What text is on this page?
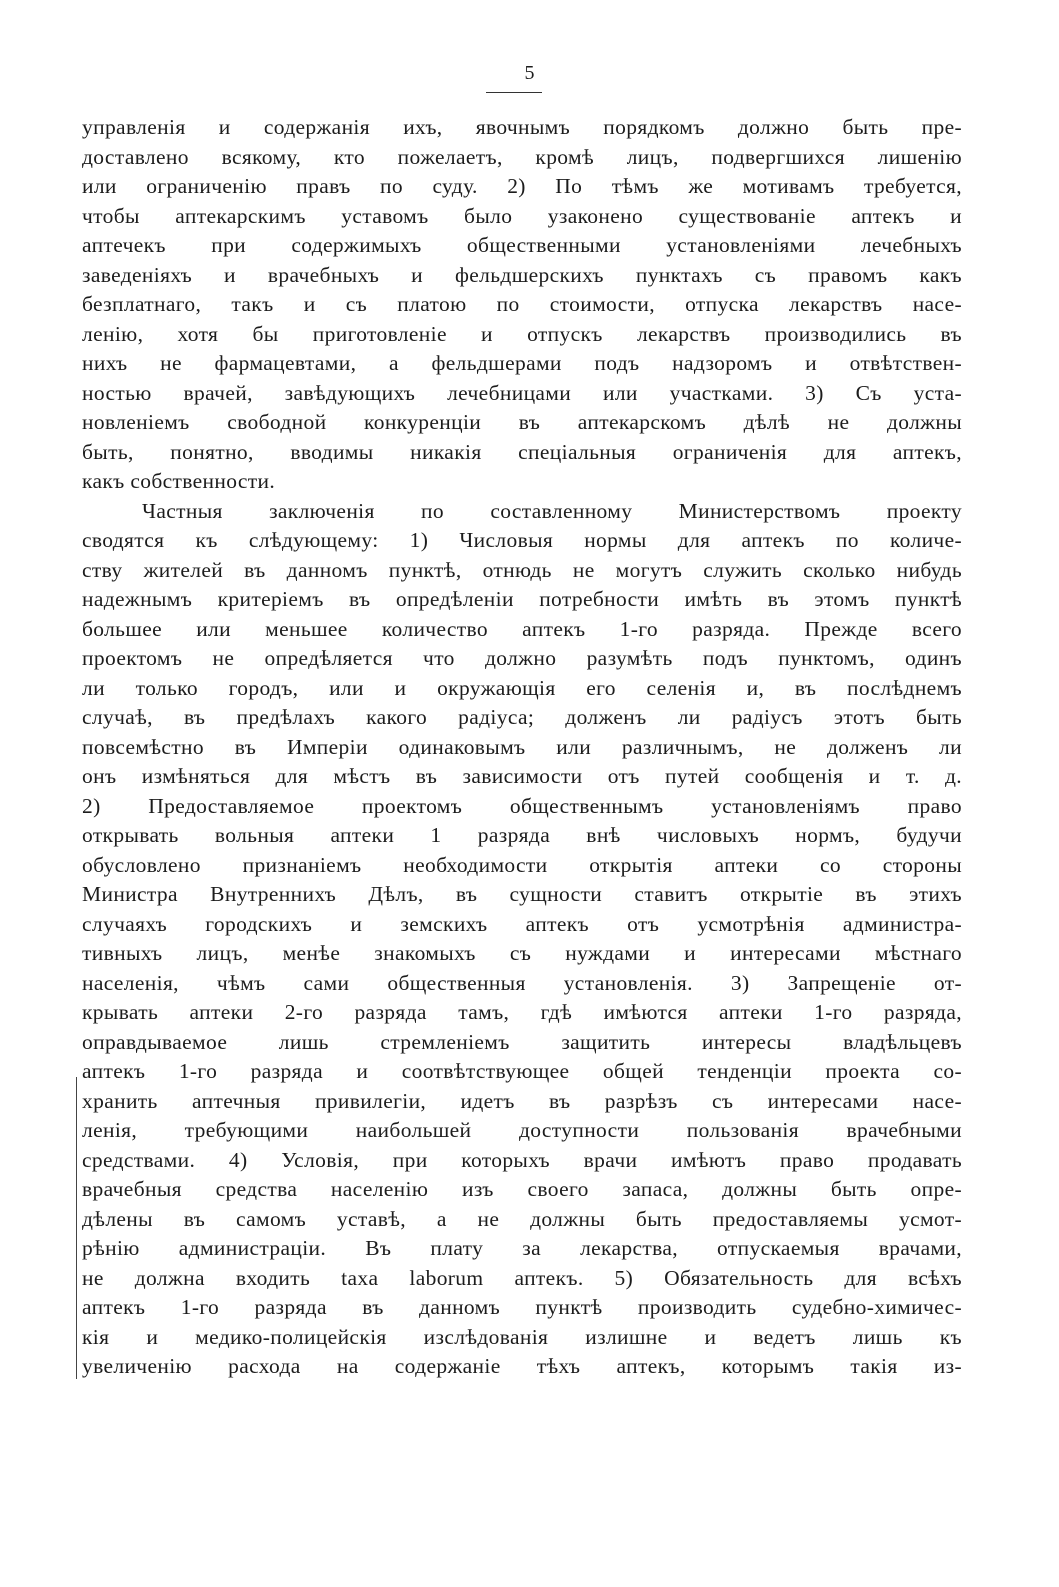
5
управленія и содержанія ихъ, явочнымъ порядкомъ должно быть пре-
доставлено всякому, кто пожелаетъ, кромѣ лицъ, подвергшихся лишенію
или ограниченію правъ по суду. 2) По тѣмъ же мотивамъ требуется,
чтобы аптекарскимъ уставомъ было узаконено существованіе аптекъ и
аптечекъ при содержимыхъ общественными установленіями лечебныхъ
заведеніяхъ и врачебныхъ и фельдшерскихъ пунктахъ съ правомъ какъ
безплатнаго, такъ и съ платою по стоимости, отпуска лекарствъ насе-
ленію, хотя бы приготовленіе и отпускъ лекарствъ производились въ
нихъ не фармацевтами, а фельдшерами подъ надзоромъ и отвѣтствен-
ностью врачей, завѣдующихъ лечебницами или участками. 3) Съ уста-
новленіемъ свободной конкуренціи въ аптекарскомъ дѣлѣ не должны
быть, понятно, вводимы никакія спеціальныя ограниченія для аптекъ,
какъ собственности.
Частныя заключенія по составленному Министерствомъ проекту
сводятся къ слѣдующему: 1) Числовыя нормы для аптекъ по количе-
ству жителей въ данномъ пунктѣ, отнюдь не могутъ служить сколько нибудь
надежнымъ критеріемъ въ опредѣленіи потребности имѣть въ этомъ пунктѣ
большее или меньшее количество аптекъ 1-го разряда. Прежде всего
проектомъ не опредѣляется что должно разумѣть подъ пунктомъ, одинъ
ли только городъ, или и окружающія его селенія и, въ послѣднемъ
случаѣ, въ предѣлахъ какого радіуса; долженъ ли радіусъ этотъ быть
повсемѣстно въ Имперіи одинаковымъ или различнымъ, не долженъ ли
онъ измѣняться для мѣстъ въ зависимости отъ путей сообщенія и т. д.
2) Предоставляемое проектомъ общественнымъ установленіямъ право
открывать вольныя аптеки 1 разряда внѣ числовыхъ нормъ, будучи
обусловлено признаніемъ необходимости открытія аптеки со стороны
Министра Внутреннихъ Дѣлъ, въ сущности ставитъ открытіе въ этихъ
случаяхъ городскихъ и земскихъ аптекъ отъ усмотрѣнія администра-
тивныхъ лицъ, менѣе знакомыхъ съ нуждами и интересами мѣстнаго
населенія, чѣмъ сами общественныя установленія. 3) Запрещеніе от-
крывать аптеки 2-го разряда тамъ, гдѣ имѣются аптеки 1-го разряда,
оправдываемое лишь стремленіемъ защитить интересы владѣльцевъ
аптекъ 1-го разряда и соотвѣтствующее общей тенденціи проекта со-
хранить аптечныя привилегіи, идетъ въ разрѣзъ съ интересами насе-
ленія, требующими наибольшей доступности пользованія врачебными
средствами. 4) Условія, при которыхъ врачи имѣютъ право продавать
врачебныя средства населенію изъ своего запаса, должны быть опре-
дѣлены въ самомъ уставѣ, а не должны быть предоставляемы усмот-
рѣнію администраціи. Въ плату за лекарства, отпускаемыя врачами,
не должна входить taxa laborum аптекъ. 5) Обязательность для всѣхъ
аптекъ 1-го разряда въ данномъ пунктѣ производить судебно-химичес-
кія и медико-полицейскія изслѣдованія излишне и ведетъ лишь къ
увеличенію расхода на содержаніе тѣхъ аптекъ, которымъ такія из-
